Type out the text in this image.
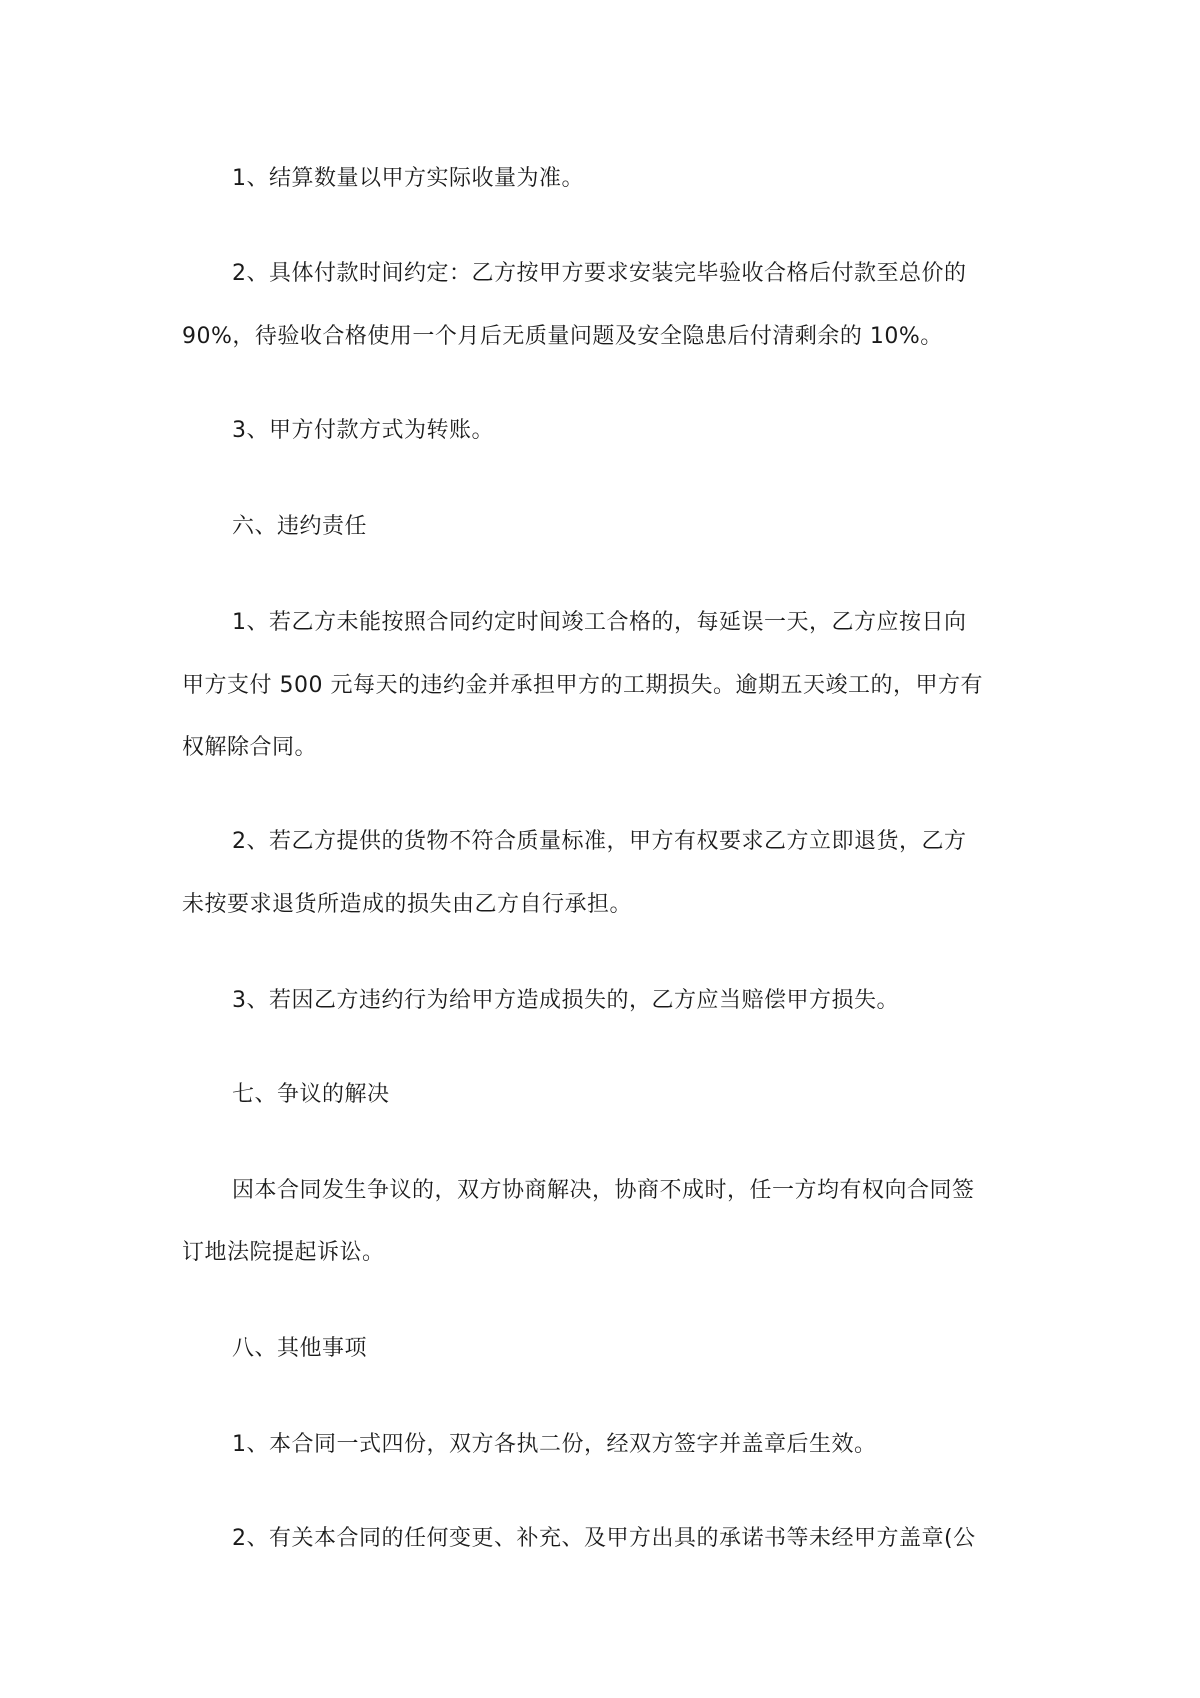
1、结算数量以甲方实际收量为准。
2、具体付款时间约定：乙方按甲方要求安装完毕验收合格后付款至总价的
90%，待验收合格使用一个月后无质量问题及安全隐患后付清剩余的 10%。
3、甲方付款方式为转账。
六、违约责任
1、若乙方未能按照合同约定时间竣工合格的，每延误一天，乙方应按日向
甲方支付 500 元每天的违约金并承担甲方的工期损失。逾期五天竣工的，甲方有
权解除合同。
2、若乙方提供的货物不符合质量标准，甲方有权要求乙方立即退货，乙方
未按要求退货所造成的损失由乙方自行承担。
3、若因乙方违约行为给甲方造成损失的，乙方应当赔偿甲方损失。
七、争议的解决
因本合同发生争议的，双方协商解决，协商不成时，任一方均有权向合同签
订地法院提起诉讼。
八、其他事项
1、本合同一式四份，双方各执二份，经双方签字并盖章后生效。
2、有关本合同的任何变更、补充、及甲方出具的承诺书等未经甲方盖章(公
